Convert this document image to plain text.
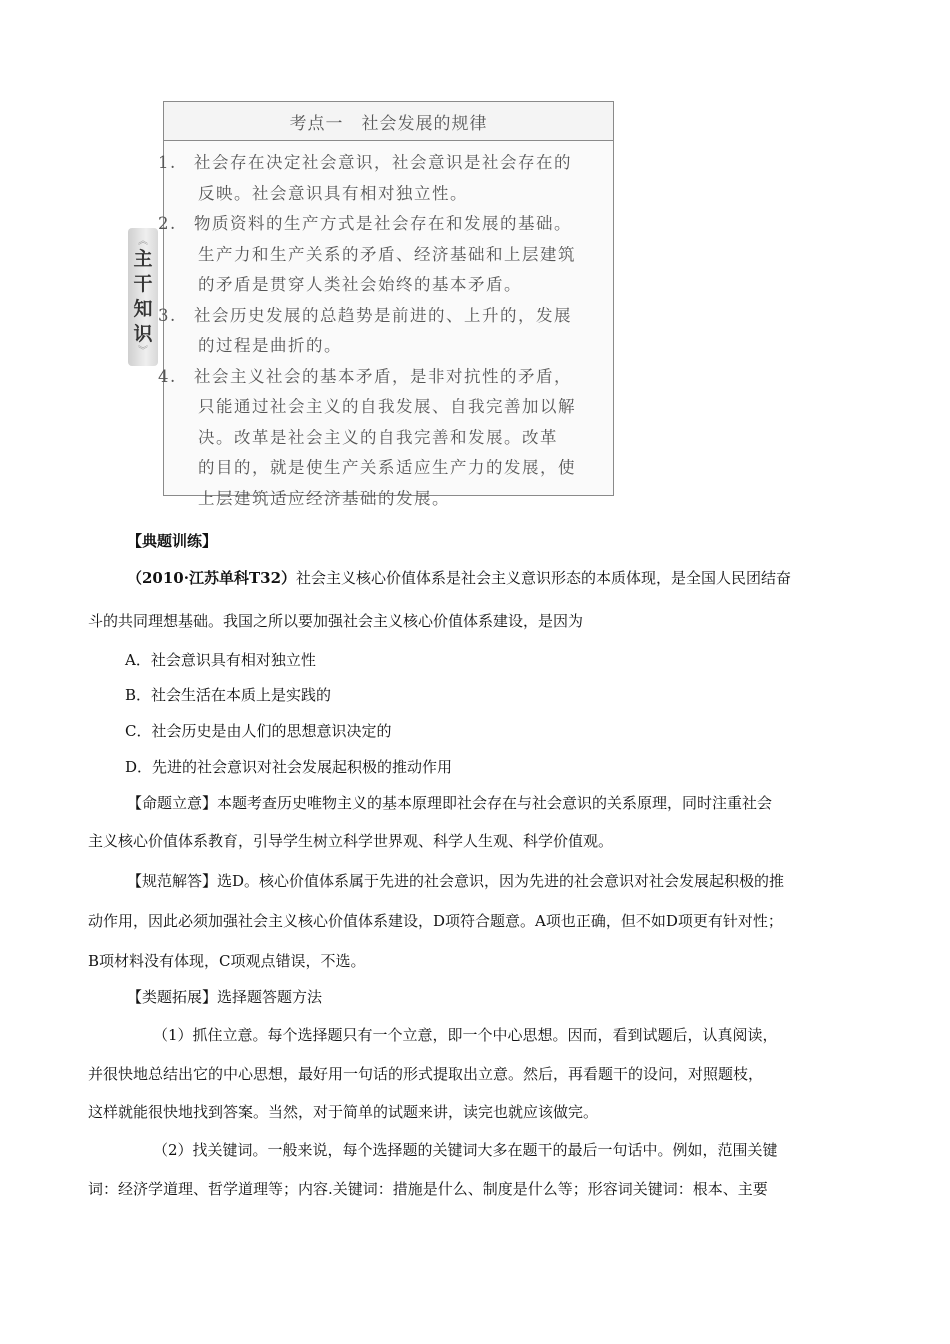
考点一　社会发展的规律

1. 社会存在决定社会意识，社会意识是社会存在的

反映。社会意识具有相对独立性。

2. 物质资料的生产方式是社会存在和发展的基础。

生产力和生产关系的矛盾、经济基础和上层建筑

的矛盾是贯穿人类社会始终的基本矛盾。

3. 社会历史发展的总趋势是前进的、上升的，发展

的过程是曲折的。

4. 社会主义社会的基本矛盾，是非对抗性的矛盾，

只能通过社会主义的自我发展、自我完善加以解

决。改革是社会主义的自我完善和发展。改革

的目的，就是使生产关系适应生产力的发展，使

上层建筑适应经济基础的发展。

︽
主
干
知
识
︾
【典题训练】
（2010·江苏单科T32）社会主义核心价值体系是社会主义意识形态的本质体现，是全国人民团结奋
斗的共同理想基础。我国之所以要加强社会主义核心价值体系建设，是因为
A．社会意识具有相对独立性
B．社会生活在本质上是实践的
C．社会历史是由人们的思想意识决定的
D．先进的社会意识对社会发展起积极的推动作用
【命题立意】本题考查历史唯物主义的基本原理即社会存在与社会意识的关系原理，同时注重社会
主义核心价值体系教育，引导学生树立科学世界观、科学人生观、科学价值观。
【规范解答】选D。核心价值体系属于先进的社会意识，因为先进的社会意识对社会发展起积极的推
动作用，因此必须加强社会主义核心价值体系建设，D项符合题意。A项也正确，但不如D项更有针对性；
B项材料没有体现，C项观点错误，不选。
【类题拓展】选择题答题方法
（1）抓住立意。每个选择题只有一个立意，即一个中心思想。因而，看到试题后，认真阅读，
并很快地总结出它的中心思想，最好用一句话的形式提取出立意。然后，再看题干的设问，对照题枝，
这样就能很快地找到答案。当然，对于简单的试题来讲，读完也就应该做完。
（2）找关键词。一般来说，每个选择题的关键词大多在题干的最后一句话中。例如，范围关键
词：经济学道理、哲学道理等；内容.关键词：措施是什么、制度是什么等；形容词关键词：根本、主要
